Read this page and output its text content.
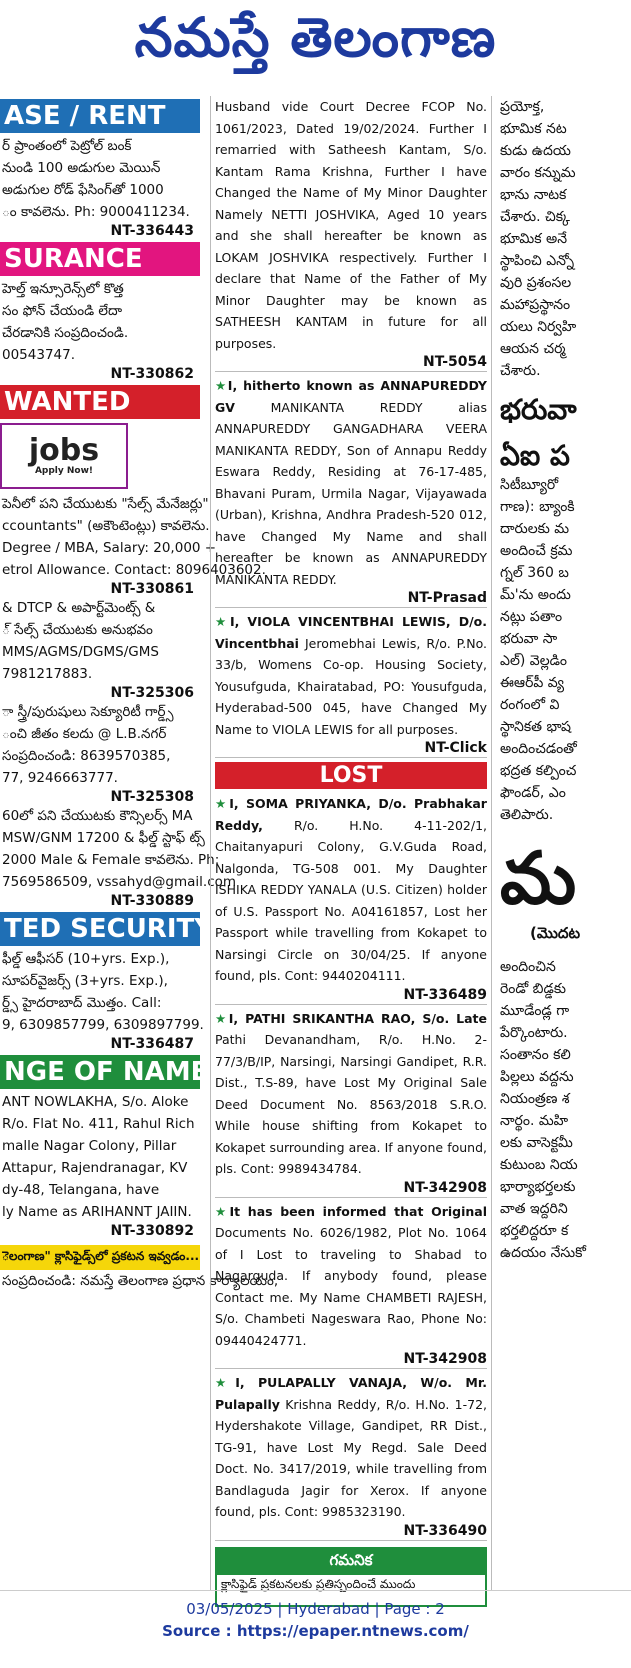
నమస్తే తెలంగాణ
ASE / RENT
ర్ ప్రాంతంలో పెట్రోల్ బంక్
నుండి 100 అడుగుల మెయిన్
అడుగుల రోడ్ ఫేసింగ్‌తో 1000
ం కావలెను. Ph: 9000411234.
NT-336443
SURANCE
హెల్త్ ఇన్సూరెన్స్‌లో కొత్త
సం ఫోన్ చేయండి లేదా
చేరడానికి సంప్రదించండి.
00543747.
NT-330862
WANTED
jobs
Apply Now!
పెనీలో పని చేయుటకు "సేల్స్ మేనేజర్లు"
ccountants" (అకౌంటెంట్లు) కావలెను.
Degree / MBA, Salary: 20,000 +
etrol Allowance. Contact: 8096403602.
NT-330861
& DTCP & అపార్ట్‌మెంట్స్ &
్ సేల్స్ చేయుటకు అనుభవం
MMS/AGMS/DGMS/GMS
7981217883.
NT-325306
ా స్త్రీ/పురుషులు సెక్యూరిటీ గార్డ్స్
ంచి జీతం కలదు @ L.B.నగర్
సంప్రదించండి: 8639570385,
77, 9246663777.
NT-325308
60లో పని చేయుటకు కౌన్సిలర్స్ MA
MSW/GNM 17200 & ఫీల్డ్ స్టాఫ్ ట్స్
2000 Male & Female కావలెను. Ph:
7569586509, vssahyd@gmail.com
NT-330889
TED SECURITY
ఫీల్డ్ ఆఫీసర్ (10+yrs. Exp.),
సూపర్‌వైజర్స్ (3+yrs. Exp.),
ర్డ్స్ హైదరాబాద్ మొత్తం. Call:
9, 6309857799, 6309897799.
NT-336487
NGE OF NAME
ANT NOWLAKHA, S/o. Aloke
R/o. Flat No. 411, Rahul Rich
malle Nagar Colony, Pillar
Attapur, Rajendranagar, KV
dy-48, Telangana, have
ly Name as ARIHANNT JAIIN.
NT-330892
ెలంగాణ" క్లాసిఫైడ్స్‌లో ప్రకటన ఇవ్వడం...
సంప్రదించండి: నమస్తే తెలంగాణ ప్రధాన కార్యాలయం,
Husband vide Court Decree FCOP No. 1061/2023, Dated 19/02/2024. Further I remarried with Satheesh Kantam, S/o. Kantam Rama Krishna, Further I have Changed the Name of My Minor Daughter Namely NETTI JOSHVIKA, Aged 10 years and she shall hereafter be known as LOKAM JOSHVIKA respectively. Further I declare that Name of the Father of My Minor Daughter may be known as SATHEESH KANTAM in future for all purposes.
NT-5054
★I, hitherto known as ANNAPUREDDY GV	MANIKANTA REDDY alias ANNAPUREDDY GANGADHARA VEERA MANIKANTA REDDY, Son of Annapu Reddy Eswara Reddy, Residing at 76-17-485, Bhavani Puram, Urmila Nagar, Vijayawada (Urban), Krishna, Andhra Pradesh-520 012, have Changed My Name and shall hereafter be known as ANNAPUREDDY MANIKANTA REDDY.
NT-Prasad
★I, VIOLA VINCENTBHAI LEWIS, D/o. Vincentbhai Jeromebhai Lewis, R/o. P.No. 33/b, Womens Co-op. Housing Society, Yousufguda, Khairatabad, PO: Yousufguda, Hyderabad-500 045, have Changed My Name to VIOLA LEWIS for all purposes.
NT-Click
LOST
★I, SOMA PRIYANKA, D/o. Prabhakar Reddy, R/o. H.No. 4-11-202/1, Chaitanyapuri Colony, G.V.Guda Road, Nalgonda, TG-508 001. My Daughter ISHIKA REDDY YANALA (U.S. Citizen) holder of U.S. Passport No. A04161857, Lost her Passport while travelling from Kokapet to Narsingi Circle on 30/04/25. If anyone found, pls. Cont: 9440204111.
NT-336489
★I, PATHI SRIKANTHA RAO, S/o. Late Pathi Devanandham, R/o. H.No. 2-77/3/B/IP, Narsingi, Narsingi Gandipet, R.R. Dist., T.S-89, have Lost My Original Sale Deed Document No. 8563/2018 S.R.O. While house shifting from Kokapet to Kokapet surrounding area. If anyone found, pls. Cont: 9989434784.
NT-342908
★It has been informed that Original Documents No. 6026/1982, Plot No. 1064 of I Lost to traveling to Shabad to Nagarguda. If anybody found, please Contact me. My Name CHAMBETI RAJESH, S/o. Chambeti Nageswara Rao, Phone No: 09440424771.
NT-342908
★I, PULAPALLY VANAJA, W/o. Mr. Pulapally Krishna Reddy, R/o. H.No. 1-72, Hydershakote Village, Gandipet, RR Dist., TG-91, have Lost My Regd. Sale Deed Doct. No. 3417/2019, while travelling from Bandlaguda Jagir for Xerox. If anyone found, pls. Cont: 9985323190.
NT-336490
గమనిక
క్లాసిఫైడ్ ప్రకటనలకు ప్రతిస్పందించే ముందు

ప్రయోక్త,

భూమిక నట

కుడు ఉదయ

వారం కన్నుమ

భాను నాటక

చేశారు. చిక్క

భూమిక అనే

స్థాపించి ఎన్నో

వురి ప్రశంసల

మహాప్రస్థానం

యలు నిర్వహి

ఆయన చర్మ

చేశారు.

భరువా
ఏఐ ప

సిటీబ్యూరో

గాణ): బ్యాంకి

దారులకు మ

అందించే క్రమ

గ్నల్ 360 బ

మ్'ను అందు

నట్లు పతాం

భరువా సా

ఎల్) వెల్లడిం

ఈఆర్‌పీ వ్య

రంగంలో వి

స్థానికత భాష

అందించడంతో

భద్రత కల్పించ

ఫౌండర్, ఎం

తెలిపారు.

మ
(మొదట

అందించిన

రెండో బిడ్డకు

మూడేండ్ల గా

పేర్కొంటారు.

సంతానం కలి

పిల్లలు వద్దను

నియంత్రణ శ

నార్థం. మహి

లకు వాసెక్టమీ

కుటుంబ నియ

భార్యాభర్తలకు

వాత ఇద్దరిని

భర్తలిద్దరూ క

ఉదయం నేసుకో

03/05/2025 | Hyderabad | Page : 2
Source : https://epaper.ntnews.com/
